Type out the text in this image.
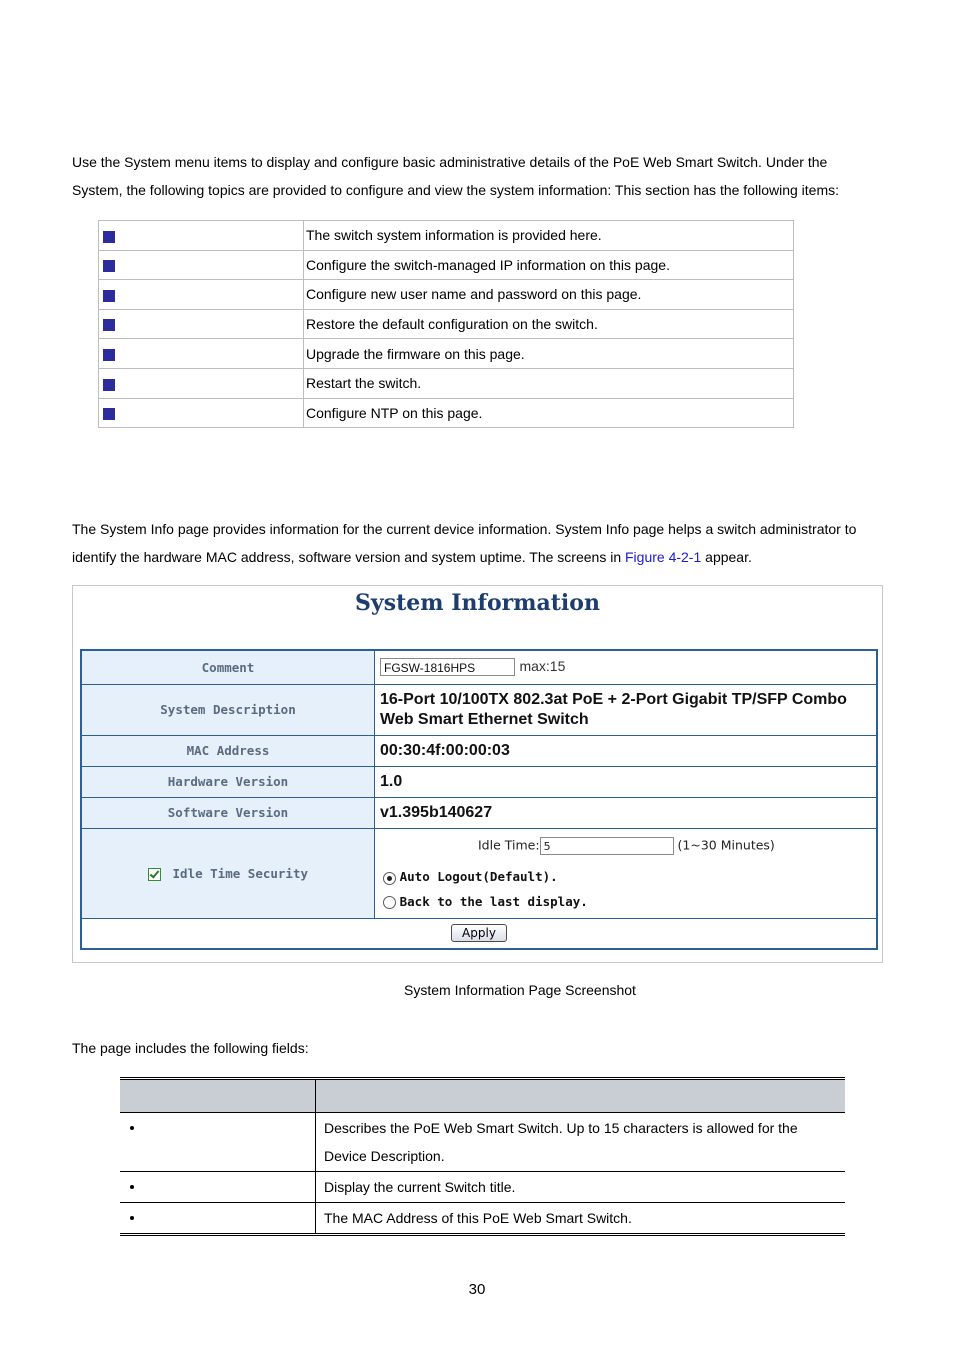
Use the System menu items to display and configure basic administrative details of the PoE Web Smart Switch. Under the
System, the following topics are provided to configure and view the system information: This section has the following items:

	The switch system information is provided here.
	Configure the switch-managed IP information on this page.
	Configure new user name and password on this page.
	Restore the default configuration on the switch.
	Upgrade the firmware on this page.
	Restart the switch.
	Configure NTP on this page.

The System Info page provides information for the current device information. System Info page helps a switch administrator to
identify the hardware MAC address, software version and system uptime. The screens in Figure 4-2-1 appear.

System Information
Comment	FGSW-1816HPS max:15
System Description	16-Port 10/100TX 802.3at PoE + 2-Port Gigabit TP/SFP Combo
Web Smart Ethernet Switch
MAC Address	00:30:4f:00:00:03
Hardware Version	1.0
Software Version	v1.395b140627
Idle Time Security	Idle Time: 5 (1~30 Minutes)
Auto Logout(Default).
Back to the last display.

Apply	
System Information Page Screenshot

The page includes the following fields:

	Describes the PoE Web Smart Switch. Up to 15 characters is allowed for the
Device Description.
	Display the current Switch title.
	The MAC Address of this PoE Web Smart Switch.
30
